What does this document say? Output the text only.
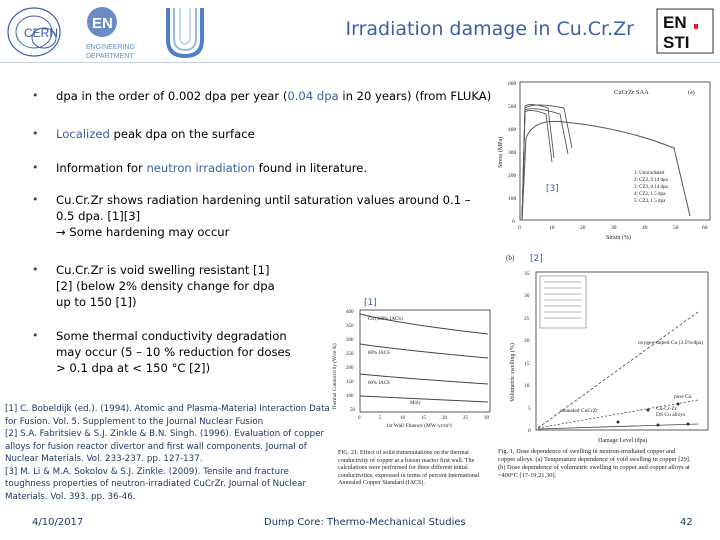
CERN
EN
ENGINEERING
DEPARTMENT
Irradiation damage in Cu.Cr.Zr EN
STI
• dpa in the order of 0.002 dpa per year (0.04 dpa in 20 years) (from FLUKA)
• Localized peak dpa on the surface
• Information for neutron irradiation found in literature.
• Cu.Cr.Zr shows radiation hardening until saturation values around 0.1 – 0.5 dpa. [1][3]
→ Some hardening may occur
• Cu.Cr.Zr is void swelling resistant [1][2] (below 2% density change for dpa up to 150 [1])
• Some thermal conductivity degradation may occur (5 – 10 % reduction for doses > 0.1 dpa at < 150 °C [2])
[1] C. Bobeldijk (ed.). (1994). Atomic and Plasma-Material Interaction Data for Fusion. Vol. 5. Supplement to the Journal Nuclear Fusion
[2] S.A. Fabritsiev & S.J. Zinkle & B.N. Singh. (1996). Evaluation of copper alloys for fusion reactor divertor and first wall components. Journal of Nuclear Materials. Vol. 233-237. pp. 127-137.
[3] M. Li & M.A. Sokolov & S.J. Zinkle. (2009). Tensile and fracture toughness properties of neutron-irradiated CuCrZr. Journal of Nuclear Materials. Vol. 393. pp. 36-46.
Stress (MPa)
600
500
400
300
200
100
0
0	10	20	30	40	50	60
Strain (%)
CuCrZr SAA	(a)
1: Unirradiated
2: CZ2, 0.14 dpa
3: CZ3, 0.14 dpa
4: CZ2, 1.5 dpa
5: CZ3, 1.5 dpa
[3]
(b)
Volumetric swelling (%)
35
30
25
20
15
10
5
0
oxygen-doped Cu (3.5%/dpa)
pure Cu
annealed CuCrZr	Cu-Cr-Zr
DS Cu alloys
Damage Level (dpa)
Fig. 1. Dose dependence of swelling in neutron-irradiated copper and copper alloys. (a) Temperature dependence of void swelling in copper [29]. (b) Dose dependence of volumetric swelling in copper and copper alloys at ~400°C [17-19,21,30].
[2]
Thermal Conductivity (W/m·K)
400
350
300
250
200
150
100
50
0	5	10	15	20	25	30
1st Wall Fluence (MW·yr/m²)
Cu (100% IACS)
80% IACS
60% IACS
Moly
FIG. 21. Effect of solid transmutations on the thermal conductivity of copper at a fusion reactor first wall. The calculations were performed for three different initial conductivities, expressed in terms of percent International Annealed Copper Standard (IACS).
[1]
4/10/2017	Dump Core: Thermo-Mechanical Studies	42
